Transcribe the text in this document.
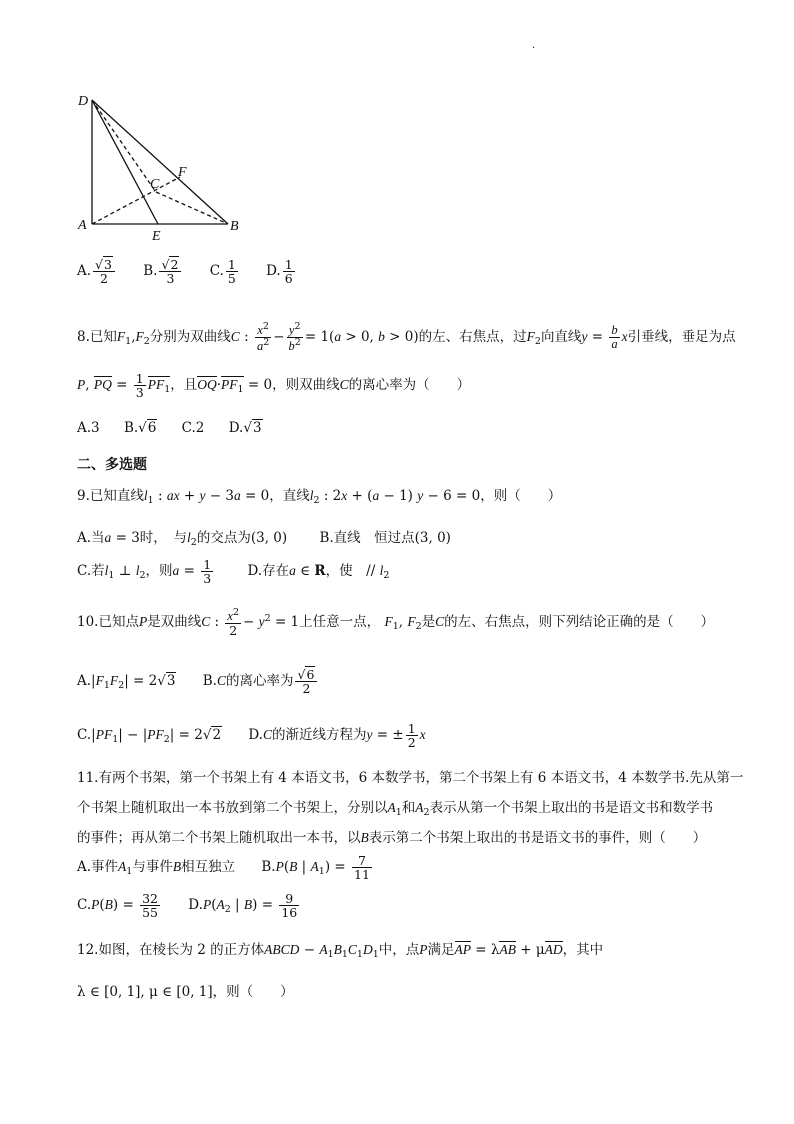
.
D
A	B
C
F
E
A. $\frac{√3}{2} B$. $\frac{√2}{3} C$. $\frac{1}{5} D$. $\frac{1}{6}$
8.已知$F_1,F_2$分别为双曲线C : $\frac{x^2}{a^2} - \frac{y^2}{b^2} = 1(a > 0$, b > 0)的左、右焦点，过$F_2$向直线$y = \frac{b}{a}$ x引垂线，垂足为点
P, PQ = $\frac{1}{3} PF_1$，且$OQ\cdot PF_1 = 0$，则双曲线C的离心率为（　　）
A.3 B.√6 C.2 D.√3
二、多选题
9.已知直线$l_1$ : ax + y − 3a = 0，直线$l_2$ : 2x + (a − 1) y − 6 = 0，则（　　）
A.当a = 3时，　与$l_2$的交点为(3, 0) B.直线　恒过点(3, 0)
C.若$l_1$ ⊥ $l_2$，则$a = \frac{1}{3}$	D.存在a ∈ R，使　// $l_2$
10.已知点P是双曲线C : $\frac{x^2}{2} - y^2 = 1$上任意一点， $F_1$, $F_2$是C的左、右焦点，则下列结论正确的是（　　）
$A.|F_1F_2| = 2√3$ B.C的离心率为 $\frac{√6}{2}$
$C.|PF_1| - |PF_2| = 2√2$ D.C的渐近线方程为y = ± $\frac{1}{2}$ x
11.有两个书架，第一个书架上有 4 本语文书，6 本数学书，第二个书架上有 6 本语文书，4 本数学书.先从第一
个书架上随机取出一本书放到第二个书架上，分别以$A_1$和$A_2$表示从第一个书架上取出的书是语文书和数学书
的事件；再从第二个书架上随机取出一本书，以B表示第二个书架上取出的书是语文书的事件，则（　　）
A.事件$A_1$与事件B相互独立 B.P(B | $A_1) = \frac{7}{11}$
$C.P(B) = \frac{32}{55} D.P(A_2$ | $B) = \frac{9}{16}$
12.如图，在棱长为 2 的正方体ABCD − $A_1B_1C_1D_1$中，点P满足AP = λAB + μAD，其中
λ ∈ [0, 1], μ ∈ [0, 1]，则（　　）
